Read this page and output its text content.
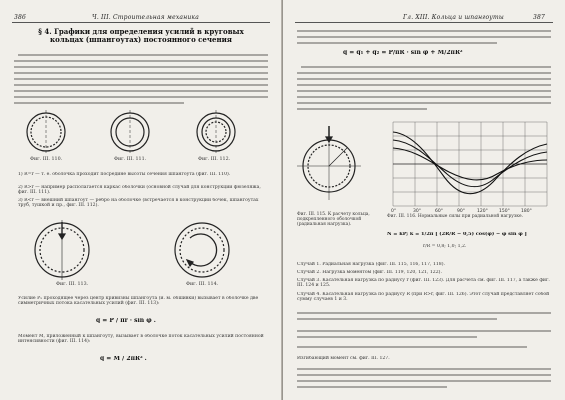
386	Ч. III. Строительная механика
§ 4. Графики для определения усилий в круговых кольцах (шпангоутах) постоянного сечения
Фиг. III. 110.	Фиг. III. 111.	Фиг. III. 112.
1) R=r — т. е. оболочка проходит посредине высоты сечения шпангоута (фиг. III. 110).
2) R>r — например располагается каркас оболочки (основной случай для конструкции фюзеляжа, фиг. III. 111).
3) R<r — внешний шпангоут — ребро на оболочке (встречается в конструкции бочек, шпангоутах труб, тушкой и пр., фиг. III. 112).
Фиг. III. 113.	Фиг. III. 114.
Усилие Pₓ проходящее через центр кривизны шпангоута (и. м. обшивки) вызывает в оболочке две симметричных потока касательных усилий (фиг. III. 113):
q = P / πr · sin φ .
Момент M, приложенный к шпангоуту, вызывает в оболочке поток касательных усилий постоянной интенсивности (фиг. III. 114):
q = M / 2πR² .
Гл. XIII. Кольца и шпангоуты	387
q = q₁ + q₂ = P/πR · sin φ + M/2πR²
0°	30°	60°	90°	120° 150° 180°
Фиг. III. 115. К расчету кольца, подкрепленного оболочкой (радиальная нагрузка).
Фиг. III. 116. Нормальные силы при радиальной нагрузке.
N = kP; k = 1/2π [ (2R/R − 0,5) cos(φ) − φ sin φ ]
r/R = 0,8; 1,0; 1,2.
Случай 1. Радиальная нагрузка (фиг. III. 115, 116, 117, 118).
Случай 2. Нагрузка моментом (фиг. III. 119, 120, 121, 122).
Случай 3. Касательная нагрузка по радиусу r (фиг. III. 123). Для расчета см. фиг. III. 117, а также фиг. III. 124 и 125.
Случай 4. Касательная нагрузка по радиусу R (при R>r, фиг. III. 126). Этот случай представляет собой сумму случаев 1 и 3.
Изгибающий момент см. фиг. III. 127.
